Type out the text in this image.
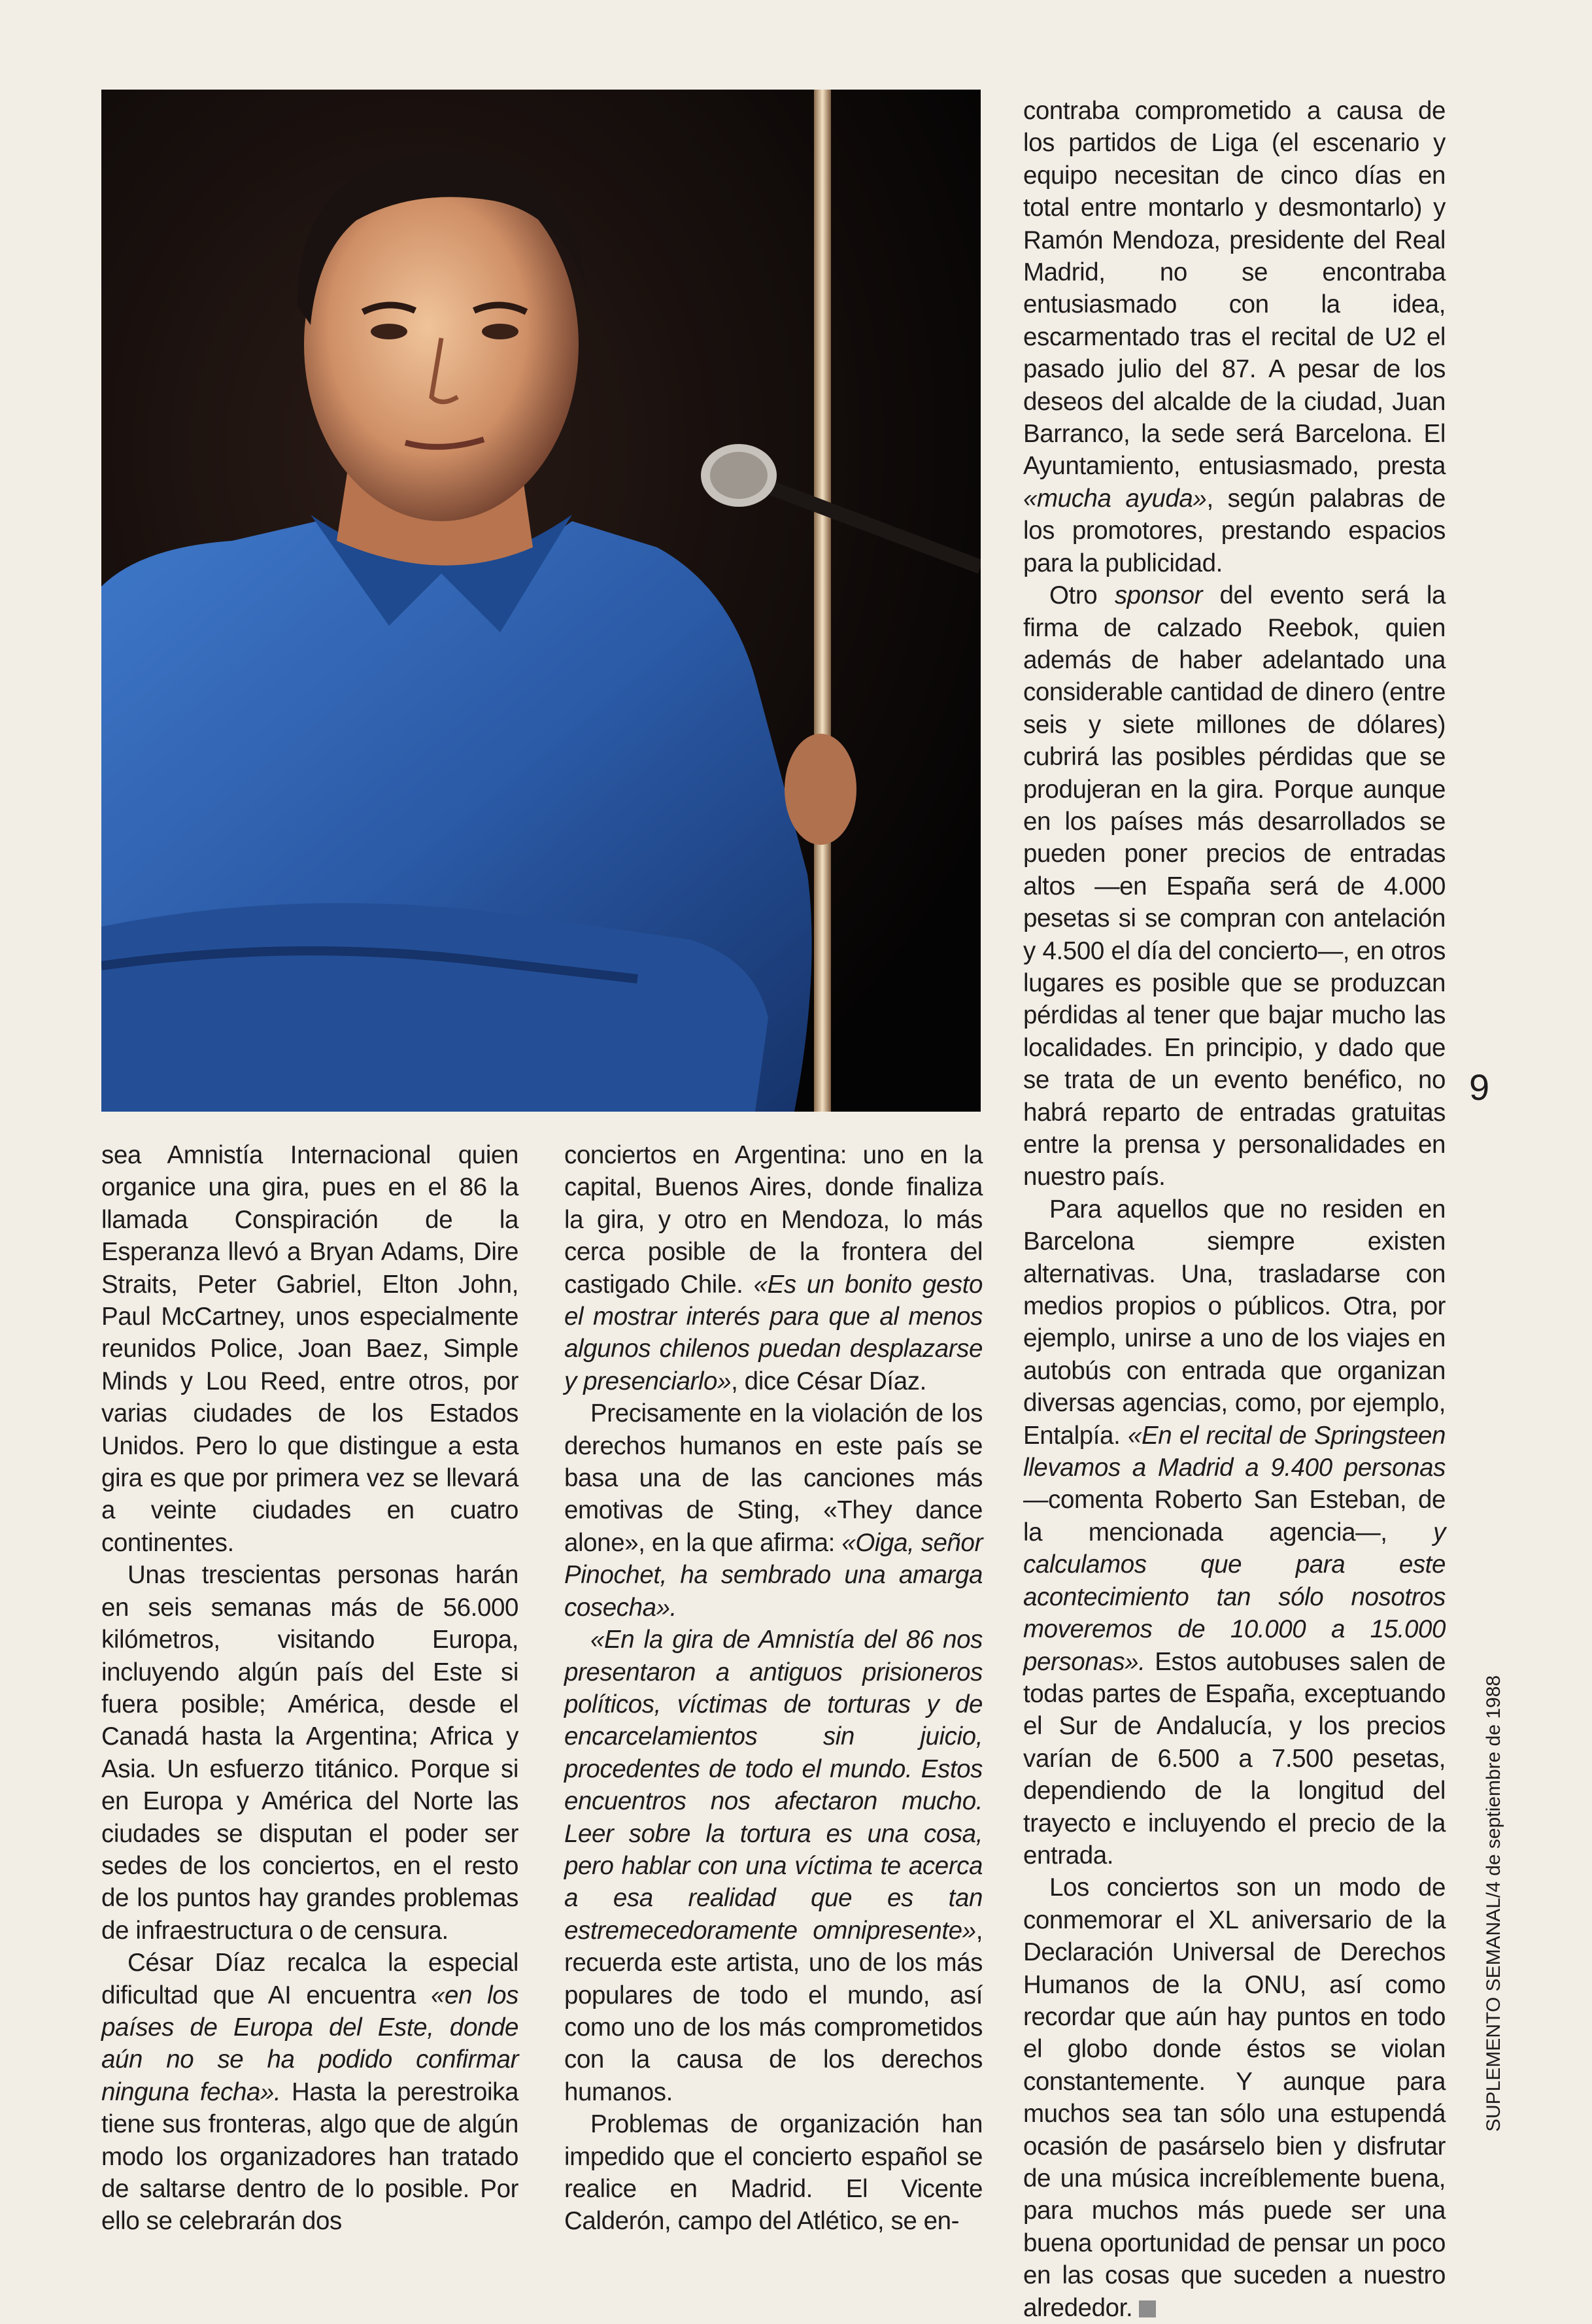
contraba comprometido a causa de los partidos de Liga (el escenario y equipo necesitan de cinco días en total entre montarlo y desmontarlo) y Ramón Mendoza, presidente del Real Madrid, no se encontraba entusiasmado con la idea, escarmentado tras el recital de U2 el pasado julio del 87. A pesar de los deseos del alcalde de la ciudad, Juan Barranco, la sede será Barcelona. El Ayuntamiento, entusiasmado, presta «mucha ayuda», según palabras de los promotores, prestando espacios para la publicidad.

Otro sponsor del evento será la firma de calzado Reebok, quien además de haber adelantado una considerable cantidad de dinero (entre seis y siete millones de dólares) cubrirá las posibles pérdidas que se produjeran en la gira. Porque aunque en los países más desarrollados se pueden poner precios de entradas altos —en España será de 4.000 pesetas si se compran con antelación y 4.500 el día del concierto—, en otros lugares es posible que se produzcan pérdidas al tener que bajar mucho las localidades. En principio, y dado que se trata de un evento benéfico, no habrá reparto de entradas gratuitas entre la prensa y personalidades en nuestro país.

Para aquellos que no residen en Barcelona siempre existen alternativas. Una, trasladarse con medios propios o públicos. Otra, por ejemplo, unirse a uno de los viajes en autobús con entrada que organizan diversas agencias, como, por ejemplo, Entalpía. «En el recital de Springsteen llevamos a Madrid a 9.400 personas —comenta Roberto San Esteban, de la mencionada agencia—, y calculamos que para este acontecimiento tan sólo nosotros moveremos de 10.000 a 15.000 personas». Estos autobuses salen de todas partes de España, exceptuando el Sur de Andalucía, y los precios varían de 6.500 a 7.500 pesetas, dependiendo de la longitud del trayecto e incluyendo el precio de la entrada.

Los conciertos son un modo de conmemorar el XL aniversario de la Declaración Universal de Derechos Humanos de la ONU, así como recordar que aún hay puntos en todo el globo donde éstos se violan constantemente. Y aunque para muchos sea tan sólo una estupendá ocasión de pasárselo bien y disfrutar de una música increíblemente buena, para muchos más puede ser una buena oportunidad de pensar un poco en las cosas que suceden a nuestro alrededor.

9
SUPLEMENTO SEMANAL/4 de septiembre de 1988

sea Amnistía Internacional quien organice una gira, pues en el 86 la llamada Conspiración de la Esperanza llevó a Bryan Adams, Dire Straits, Peter Gabriel, Elton John, Paul McCartney, unos especialmente reunidos Police, Joan Baez, Simple Minds y Lou Reed, entre otros, por varias ciudades de los Estados Unidos. Pero lo que distingue a esta gira es que por primera vez se llevará a veinte ciudades en cuatro continentes.

Unas trescientas personas harán en seis semanas más de 56.000 kilómetros, visitando Europa, incluyendo algún país del Este si fuera posible; América, desde el Canadá hasta la Argentina; Africa y Asia. Un esfuerzo titánico. Porque si en Europa y América del Norte las ciudades se disputan el poder ser sedes de los conciertos, en el resto de los puntos hay grandes problemas de infraestructura o de censura.

César Díaz recalca la especial dificultad que AI encuentra «en los países de Europa del Este, donde aún no se ha podido confirmar ninguna fecha». Hasta la perestroika tiene sus fronteras, algo que de algún modo los organizadores han tratado de saltarse dentro de lo posible. Por ello se celebrarán dos

conciertos en Argentina: uno en la capital, Buenos Aires, donde finaliza la gira, y otro en Mendoza, lo más cerca posible de la frontera del castigado Chile. «Es un bonito gesto el mostrar interés para que al menos algunos chilenos puedan desplazarse y presenciarlo», dice César Díaz.

Precisamente en la violación de los derechos humanos en este país se basa una de las canciones más emotivas de Sting, «They dance alone», en la que afirma: «Oiga, señor Pinochet, ha sembrado una amarga cosecha».

«En la gira de Amnistía del 86 nos presentaron a antiguos prisioneros políticos, víctimas de torturas y de encarcelamientos sin juicio, procedentes de todo el mundo. Estos encuentros nos afectaron mucho. Leer sobre la tortura es una cosa, pero hablar con una víctima te acerca a esa realidad que es tan estremecedoramente omnipresente», recuerda este artista, uno de los más populares de todo el mundo, así como uno de los más comprometidos con la causa de los derechos humanos.

Problemas de organización han impedido que el concierto español se realice en Madrid. El Vicente Calderón, campo del Atlético, se en-
